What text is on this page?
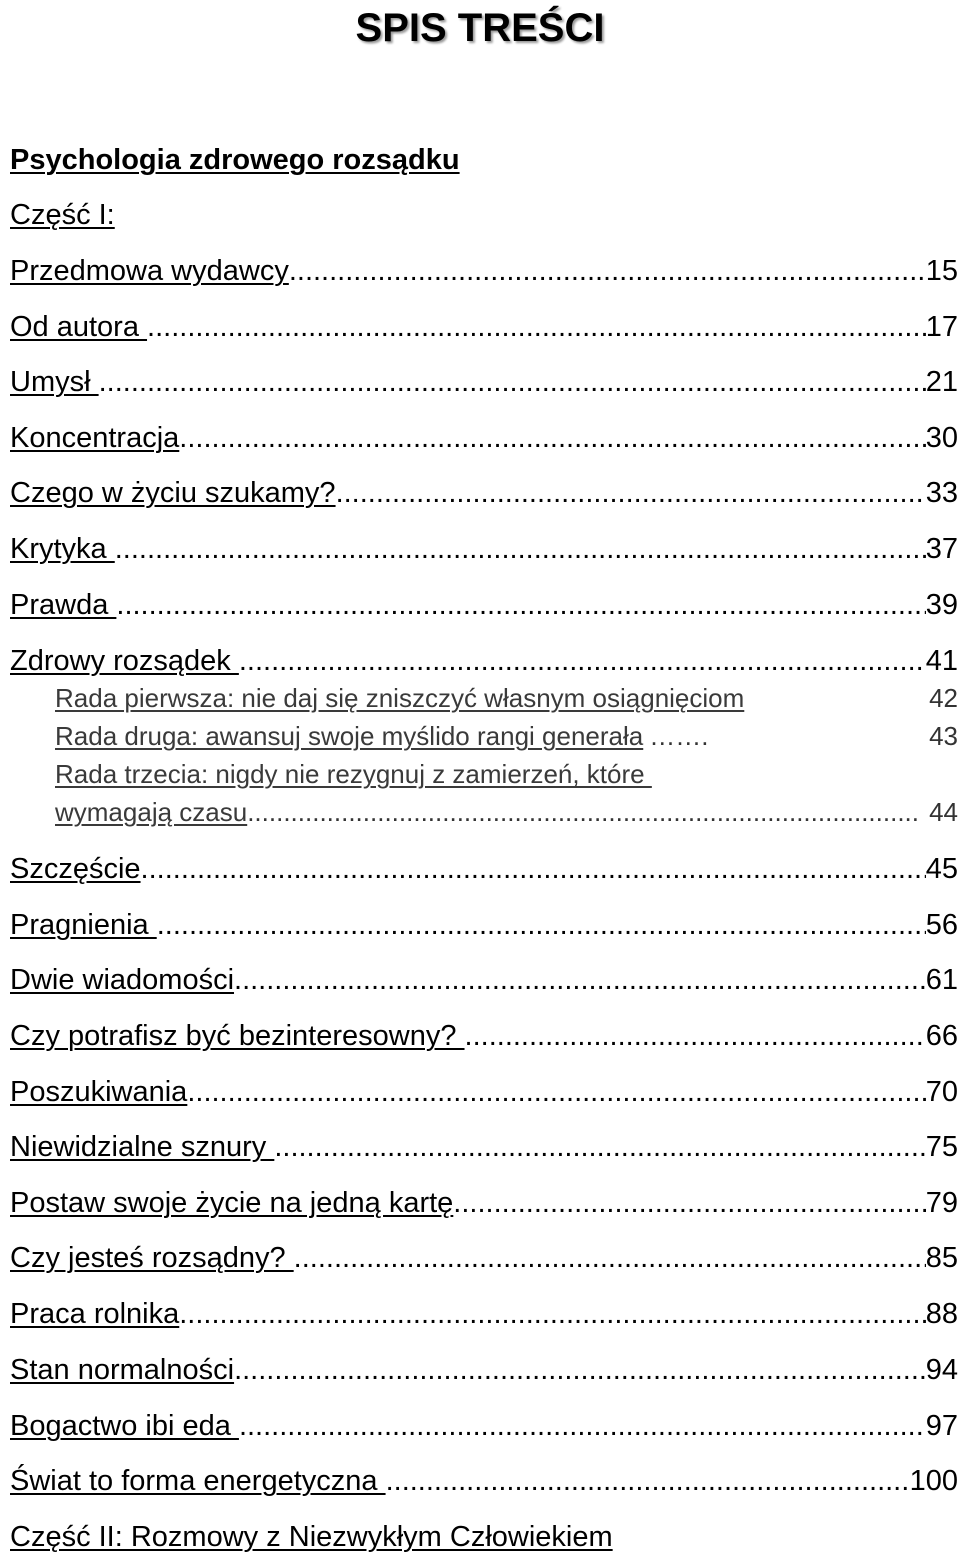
SPIS TREŚCI
Psychologia zdrowego rozsądku
Część I:
Przedmowa wydawcy .....	15
Od autora .....	17
Umysł .....	21
Koncentracja .....	30
Czego w życiu szukamy? .....	33
Krytyka .....	37
Prawda .....	39
Zdrowy rozsądek .....	41
Rada pierwsza: nie daj się zniszczyć własnym osiągnięciom	42
Rada druga: awansuj swoje myślido rangi generała …….	43
Rada trzecia: nigdy nie rezygnuj z zamierzeń, które
wymagają czasu .....	44
Szczęście .....	45
Pragnienia .....	56
Dwie wiadomości .....	61
Czy potrafisz być bezinteresowny? .....	66
Poszukiwania .....	70
Niewidzialne sznury .....	75
Postaw swoje życie na jedną kartę .....	79
Czy jesteś rozsądny? .....	85
Praca rolnika .....	88
Stan normalności .....	94
Bogactwo ibi eda .....	97
Świat to forma energetyczna .....	100
Część II: Rozmowy z Niezwykłym Człowiekiem
